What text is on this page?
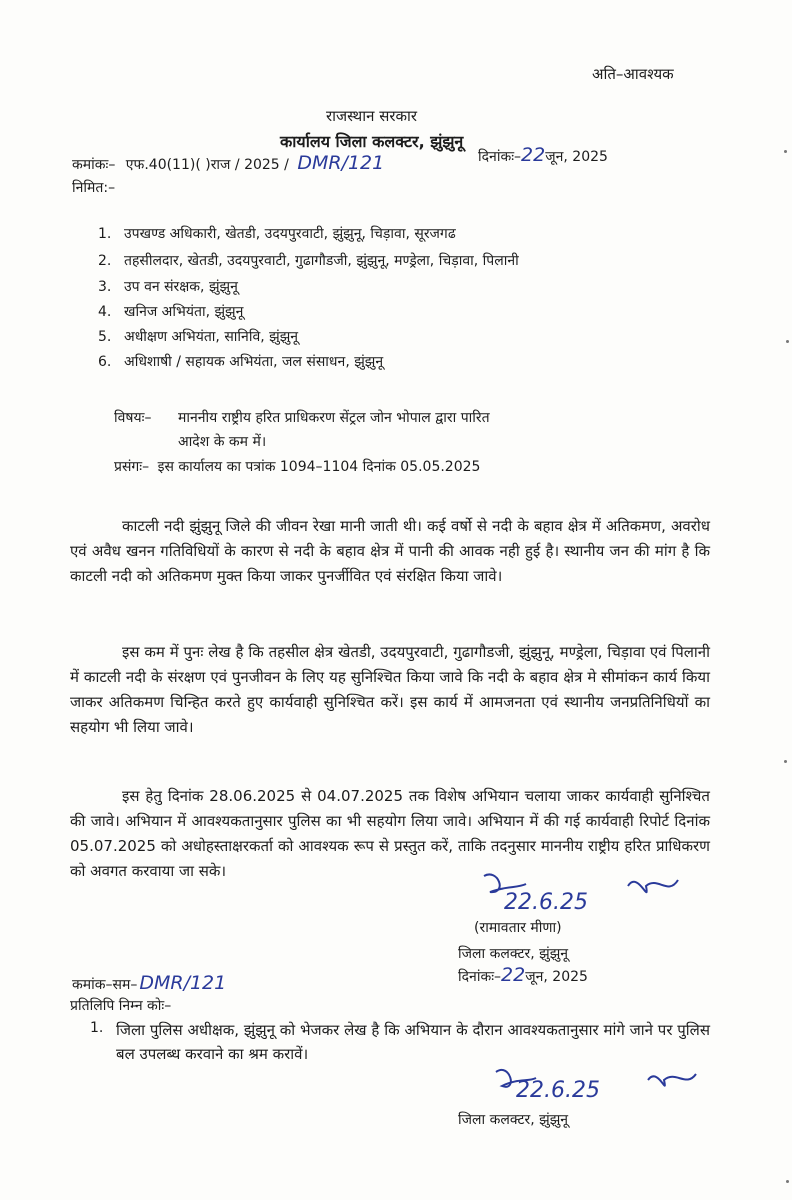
अति–आवश्यक
राजस्थान सरकार
कार्यालय जिला कलक्टर, झुंझुनू
कमांकः– एफ.40(11)( )राज / 2025 / DMR/121	दिनांकः–22जून, 2025
निमित:–
1. उपखण्ड अधिकारी, खेतडी, उदयपुरवाटी, झुंझुनू, चिड़ावा, सूरजगढ
2. तहसीलदार, खेतडी, उदयपुरवाटी, गुढागौडजी, झुंझुनू, मण्ड्रेला, चिड़ावा, पिलानी
3. उप वन संरक्षक, झुंझुनू
4. खनिज अभियंता, झुंझुनू
5. अधीक्षण अभियंता, सानिवि, झुंझुनू
6. अधिशाषी / सहायक अभियंता, जल संसाधन, झुंझुनू
विषयः– माननीय राष्ट्रीय हरित प्राधिकरण सेंट्रल जोन भोपाल द्वारा पारित
आदेश के कम में।
प्रसंगः– इस कार्यालय का पत्रांक 1094–1104 दिनांक 05.05.2025
काटली नदी झुंझुनू जिले की जीवन रेखा मानी जाती थी। कई वर्षो से नदी के बहाव क्षेत्र में अतिकमण, अवरोध एवं अवैध खनन गतिविधियों के कारण से नदी के बहाव क्षेत्र में पानी की आवक नही हुई है। स्थानीय जन की मांग है कि काटली नदी को अतिकमण मुक्त किया जाकर पुनर्जीवित एवं संरक्षित किया जावे।
इस कम में पुनः लेख है कि तहसील क्षेत्र खेतडी, उदयपुरवाटी, गुढागौडजी, झुंझुनू, मण्ड्रेला, चिड़ावा एवं पिलानी में काटली नदी के संरक्षण एवं पुनजीवन के लिए यह सुनिश्चित किया जावे कि नदी के बहाव क्षेत्र मे सीमांकन कार्य किया जाकर अतिकमण चिन्हित करते हुए कार्यवाही सुनिश्चित करें। इस कार्य में आमजनता एवं स्थानीय जनप्रतिनिधियों का सहयोग भी लिया जावे।
इस हेतु दिनांक 28.06.2025 से 04.07.2025 तक विशेष अभियान चलाया जाकर कार्यवाही सुनिश्चित की जावे। अभियान में आवश्यकतानुसार पुलिस का भी सहयोग लिया जावे। अभियान में की गई कार्यवाही रिपोर्ट दिनांक 05.07.2025 को अधोहस्ताक्षरकर्ता को आवश्यक रूप से प्रस्तुत करें, ताकि तदनुसार माननीय राष्ट्रीय हरित प्राधिकरण को अवगत करवाया जा सके।
22.6.25
(रामावतार मीणा)
जिला कलक्टर, झुंझुनू
दिनांकः–22जून, 2025
कमांक–सम– DMR/121
प्रतिलिपि निम्न कोः–
1. जिला पुलिस अधीक्षक, झुंझुनू को भेजकर लेख है कि अभियान के दौरान आवश्यकतानुसार मांगे जाने पर पुलिस बल उपलब्ध करवाने का श्रम करावें।
22.6.25
जिला कलक्टर, झुंझुनू
